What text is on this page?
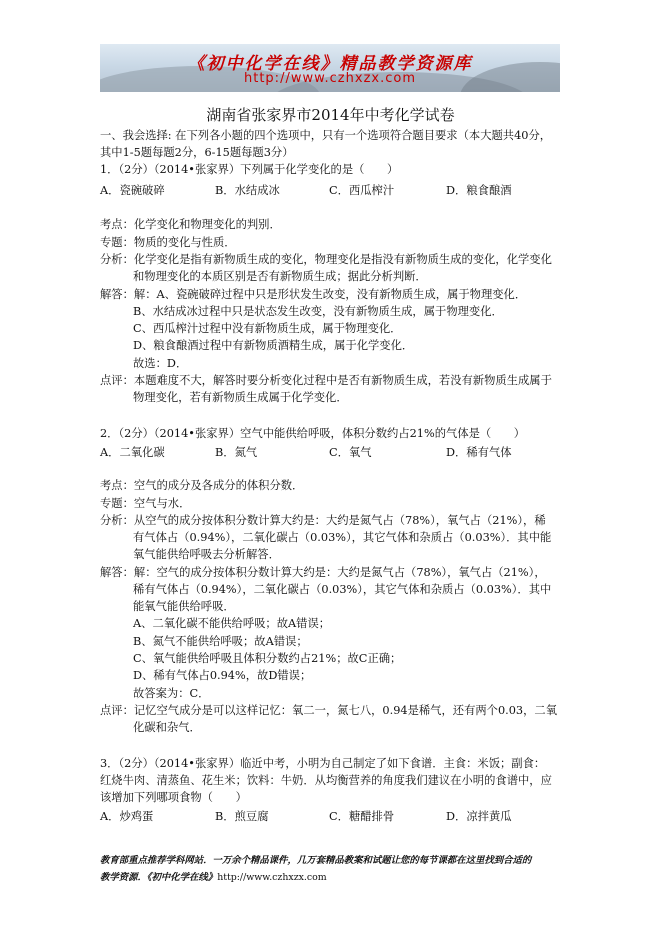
《初中化学在线》精品教学资源库
http://www.czhxzx.com
湖南省张家界市2014年中考化学试卷
一、我会选择: 在下列各小题的四个选项中，只有一个选项符合题目要求（本大题共40分，
其中1-5题每题2分，6-15题每题3分）
1．（2分）（2014•张家界）下列属于化学变化的是（　　）
A．瓷碗破碎	B．水结成冰	C．西瓜榨汁	D．粮食酿酒
考点：化学变化和物理变化的判别．
专题：物质的变化与性质．
分析：化学变化是指有新物质生成的变化，物理变化是指没有新物质生成的变化，化学变化
和物理变化的本质区别是否有新物质生成；据此分析判断．
解答：解：A、瓷碗破碎过程中只是形状发生改变，没有新物质生成，属于物理变化．
B、水结成冰过程中只是状态发生改变，没有新物质生成，属于物理变化．
C、西瓜榨汁过程中没有新物质生成，属于物理变化．
D、粮食酿酒过程中有新物质酒精生成，属于化学变化．
故选：D．
点评：本题难度不大，解答时要分析变化过程中是否有新物质生成，若没有新物质生成属于
物理变化，若有新物质生成属于化学变化．
2．（2分）（2014•张家界）空气中能供给呼吸，体积分数约占21%的气体是（　　）
A．二氧化碳	B．氮气	C．氧气	D．稀有气体
考点：空气的成分及各成分的体积分数．
专题：空气与水．
分析：从空气的成分按体积分数计算大约是：大约是氮气占（78%），氧气占（21%），稀
有气体占（0.94%），二氧化碳占（0.03%），其它气体和杂质占（0.03%）．其中能
氧气能供给呼吸去分析解答．
解答：解：空气的成分按体积分数计算大约是：大约是氮气占（78%），氧气占（21%），
稀有气体占（0.94%），二氧化碳占（0.03%），其它气体和杂质占（0.03%）．其中
能氧气能供给呼吸．
A、二氧化碳不能供给呼吸；故A错误；
B、氮气不能供给呼吸；故A错误；
C、氧气能供给呼吸且体积分数约占21%；故C正确；
D、稀有气体占0.94%，故D错误；
故答案为：C．
点评：记忆空气成分是可以这样记忆：氧二一，氮七八，0.94是稀气，还有两个0.03，二氧
化碳和杂气．
3．（2分）（2014•张家界）临近中考，小明为自己制定了如下食谱．主食：米饭；副食：
红烧牛肉、清蒸鱼、花生米；饮料：牛奶．从均衡营养的角度我们建议在小明的食谱中，应
该增加下列哪项食物（　　）
A．炒鸡蛋	B．煎豆腐	C．糖醋排骨	D．凉拌黄瓜
教育部重点推荐学科网站．一万余个精品课件，几万套精品教案和试题让您的每节课都在这里找到合适的
教学资源．《初中化学在线》http://www.czhxzx.com
